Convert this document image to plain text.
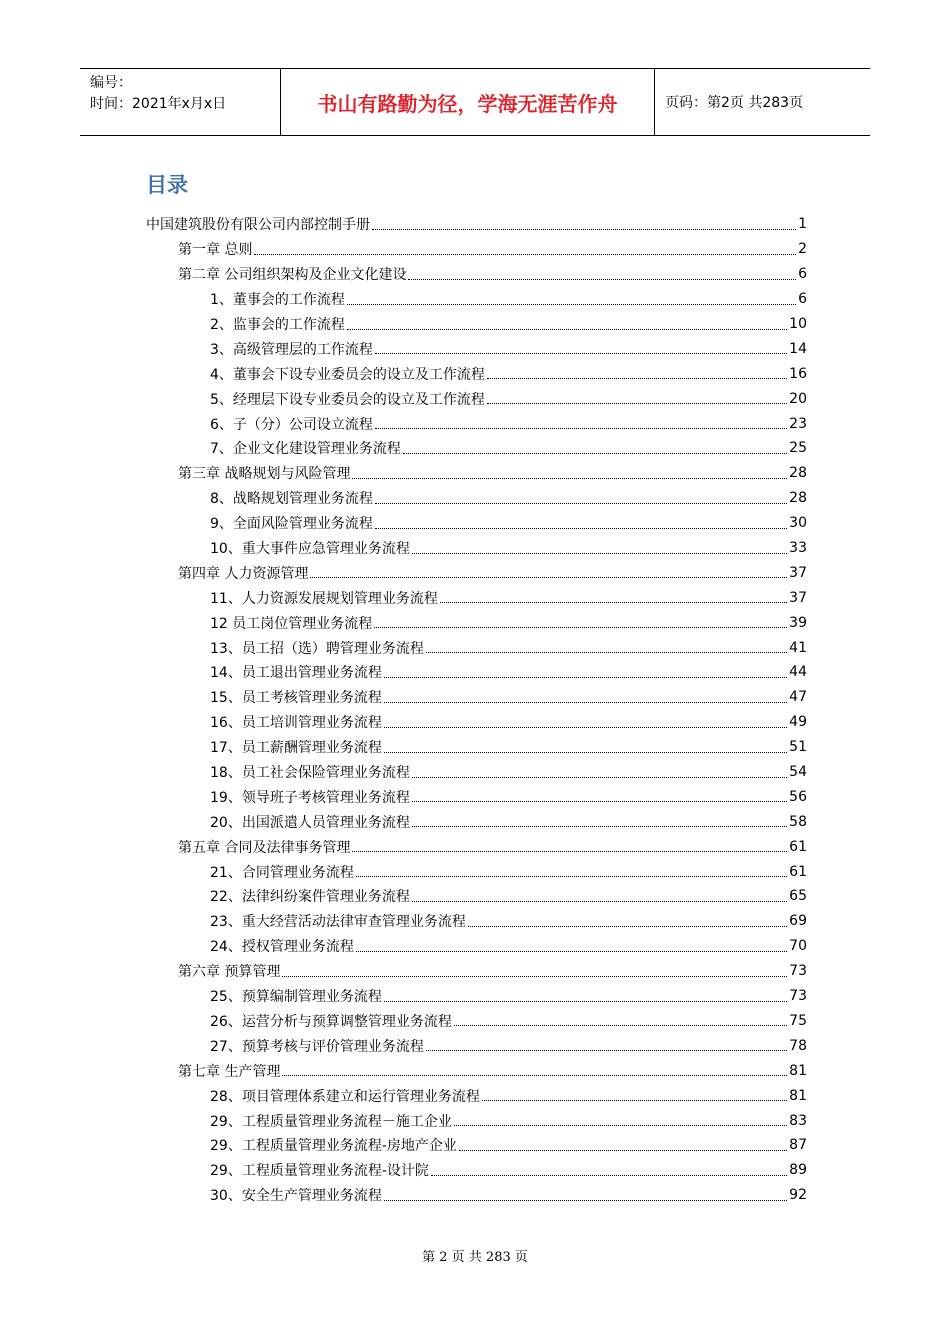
编号：
时间：2021年x月x日	书山有路勤为径，学海无涯苦作舟	页码：第2页 共283页
目录
中国建筑股份有限公司内部控制手册	1
第一章 总则	2
第二章 公司组织架构及企业文化建设	6
1、董事会的工作流程	6
2、监事会的工作流程	10
3、高级管理层的工作流程	14
4、董事会下设专业委员会的设立及工作流程	16
5、经理层下设专业委员会的设立及工作流程	20
6、子（分）公司设立流程	23
7、企业文化建设管理业务流程	25
第三章 战略规划与风险管理	28
8、战略规划管理业务流程	28
9、全面风险管理业务流程	30
10、重大事件应急管理业务流程	33
第四章 人力资源管理	37
11、人力资源发展规划管理业务流程	37
12 员工岗位管理业务流程	39
13、员工招（选）聘管理业务流程	41
14、员工退出管理业务流程	44
15、员工考核管理业务流程	47
16、员工培训管理业务流程	49
17、员工薪酬管理业务流程	51
18、员工社会保险管理业务流程	54
19、领导班子考核管理业务流程	56
20、出国派遣人员管理业务流程	58
第五章 合同及法律事务管理	61
21、合同管理业务流程	61
22、法律纠纷案件管理业务流程	65
23、重大经营活动法律审查管理业务流程	69
24、授权管理业务流程	70
第六章 预算管理	73
25、预算编制管理业务流程	73
26、运营分析与预算调整管理业务流程	75
27、预算考核与评价管理业务流程	78
第七章 生产管理	81
28、项目管理体系建立和运行管理业务流程	81
29、工程质量管理业务流程－施工企业	83
29、工程质量管理业务流程-房地产企业	87
29、工程质量管理业务流程-设计院	89
30、安全生产管理业务流程	92
第 2 页 共 283 页
